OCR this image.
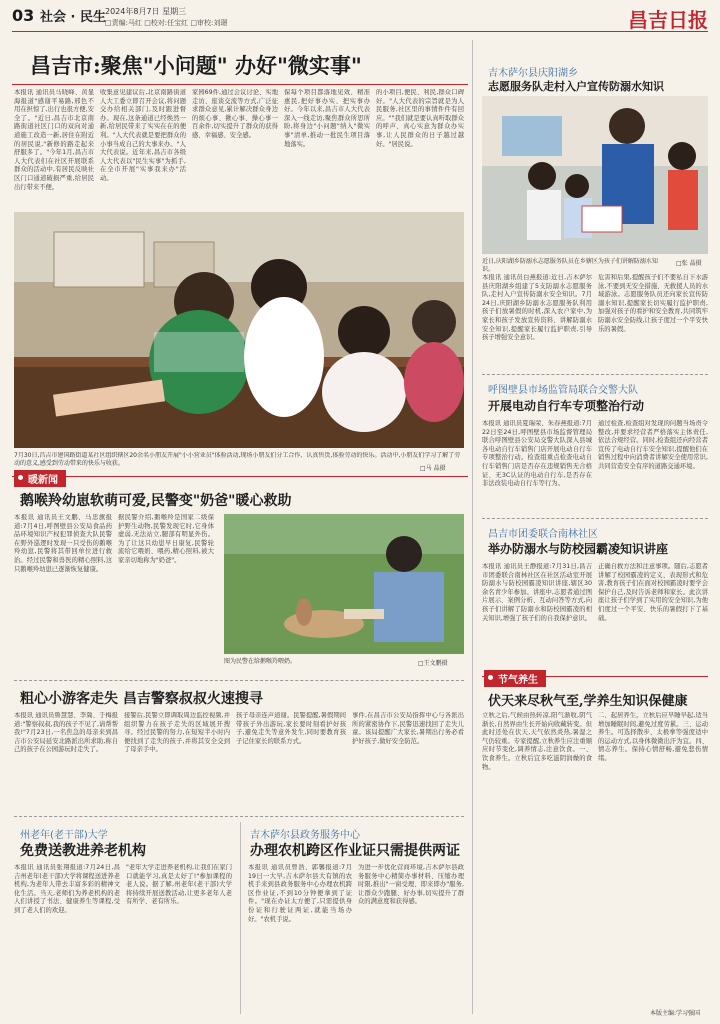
03 社会 · 民生 2024年8月7日 星期三
□责编:马红 □校对:任宝红 □审校:刘璟	昌吉日报
昌吉市:聚焦"小问题" 办好"微实事"
本报讯 通讯员马晓峰、黄显海报道"感谢平易路,邢色不用在担惊了,出行也很方便,安全了。"近日,昌吉市北京南路街道社区门口的双向对通道施工改造一新,居住在附近的居民说,"新修的路走起来舒服多了。"今年1月,昌吉市人大代表们在社区开展联系群众的活动中,有居民反映社区门口通道破损严重,给居民出行带来不便。
收集意见建议后,北京南路街道人大工委立即召开会议,将问题交办给相关部门,及时跟进督办。现在,这条通道已经焕然一新,给居民带来了实实在在的便利。"人大代表就是要把群众的小事当成自己的大事来办。"人大代表说。近年来,昌吉市各级人大代表以"民生实事"为抓手,在全市开展"实事我来办"活动。
家园69件,通过会议讨论、实地走访、座谈交流等方式,广泛征求群众意见,累计解决群众身边的烦心事、揪心事、操心事一百余件,切实提升了群众的获得感、幸福感、安全感。
保每个项目都落地见效、精准惠民,把好事办实、把实事办好。今年以来,昌吉市人大代表深入一线走访,聚焦群众所思所盼,将身边"小问题"纳入"微实事"清单,推动一批民生项目落地落实。
的小项目,便民、利民,群众口碑好。"人大代表的宗旨就是为人民服务,社区里的事情件件有回应。""我们就是要认真听取群众的呼声、真心实意为群众办实事,让人民群众的日子越过越好。"居民说。
7月30日,昌吉市建国路街道某社区组织辖区20余名小朋友开展"小小营业员"体验活动,现场小朋友们分工合作、认真售货,体验劳动的快乐。活动中,小朋友们学习了解了劳动的意义,感受到劳动带来的快乐与收获。
□马 晶摄
吉木萨尔县庆阳湖乡
志愿服务队走村入户宣传防溺水知识
近日,庆阳湖乡防溺水志愿服务队员在乡辖区为孩子们讲解防溺水知识。
□张 晶摄
本报讯 通讯员白燕报道:近日,吉木萨尔县庆阳湖乡组建了5支防溺水志愿服务队,走村入户宣传防溺水安全知识。7月24日,庆阳湖乡防溺水志愿服务队利用孩子们放暑假的时机,深入农户家中,为家长和孩子发放宣传资料、讲解防溺水安全知识,提醒家长履行监护职责,引导孩子增强安全意识。
危害和后果,提醒孩子们不要私自下水游泳,不要到无安全措施、无救援人员的水域游泳。志愿服务队员还向家长宣传防溺水知识,提醒家长切实履行监护职责,加强对孩子的看护和安全教育,共同筑牢防溺水安全防线,让孩子度过一个平安快乐的暑假。
呼图壁县市场监管局联合交警大队
开展电动自行车专项整治行动
本报讯 通讯员夏瑞荣、朱春燕报道:7月22日至24日,呼图壁县市场监督管理局联合呼图壁县公安局交警大队深入县城各电动自行车销售门店开展电动自行车专项整治行动。检查组重点检查电动自行车销售门店是否存在违规销售无合格证、无3C认证的电动自行车,是否存在非法改装电动自行车等行为。
通过检查,检查组对发现的问题当场责令整改,并要求经营者严格落实主体责任,依法合规经营。同时,检查组还向经营者宣传了电动自行车安全知识,提醒他们在销售过程中向消费者讲解安全使用常识,共同营造安全有序的道路交通环境。
昌吉市团委联合南林社区
举办防溺水与防校园霸凌知识讲座
本报讯 通讯员王静报道:7月31日,昌吉市团委联合南林社区在社区活动室开展防溺水与防校园霸凌知识讲座,辖区30余名青少年参加。讲座中,志愿者通过图片展示、案例分析、互动问答等方式,向孩子们讲解了防溺水和防校园霸凌的相关知识,增强了孩子们的自我保护意识。
正确自救方法和注意事项。随后,志愿者讲解了校园霸凌的定义、表现形式和危害,教育孩子们在面对校园霸凌时要学会保护自己,及时告诉老师和家长。此次讲座让孩子们学到了实用的安全知识,为他们度过一个平安、快乐的暑假打下了基础。
暖新闻
鹅喉羚幼崽软萌可爱,民警变"奶爸"暖心救助
本报讯 通讯员王文鹏、马忠旗报道:7月4日,呼图壁县公安局食品药品环境知识产权犯罪侦查大队民警在野外巡逻时发现一只受伤的鹅喉羚幼崽,民警将其带回单位进行救治。经过民警和兽医的精心照料,这只鹅喉羚幼崽已逐渐恢复健康。
据民警介绍,鹅喉羚是国家二级保护野生动物,民警发现它时,它身体虚弱,无法站立,腿部有明显外伤。为了让这只幼崽早日康复,民警轮流给它喂奶、喂药,精心照料,被大家亲切地称为"奶爸"。
图为民警在给鹅喉羚喂奶。	□王文鹏摄
粗心小游客走失 昌吉警察叔叔火速搜寻
本报讯 通讯员鲁慧慧、李冀、于梅报道:"警察叔叔,我的孩子不见了,请帮帮我!"7月23日,一名焦急的母亲来到昌吉市公安局延安北路派出所求助,称自己的孩子在公园游玩时走失了。
接警后,民警立即调取周边监控视频,并组织警力在孩子走失的区域展开搜寻。经过民警的努力,在短短半小时内便找到了走失的孩子,并将其安全交到了母亲手中。
孩子母亲连声道谢。民警提醒,暑假期间带孩子外出游玩,家长要时刻看护好孩子,避免走失等意外发生,同时要教育孩子记住家长的联系方式。
事件,在昌吉市公安局指挥中心与各派出所的紧密协作下,民警迅速找回了走失儿童。该局提醒广大家长,暑期出行务必看护好孩子,做好安全防范。
州老年(老干部)大学
免费送教进养老机构
本报讯 通讯员张翔报道:7月24日,昌吉州老年(老干部)大学将课程送进养老机构,为老年人带去丰富多彩的精神文化生活。当天,老师们为养老机构的老人们讲授了书法、健康养生等课程,受到了老人们的欢迎。
"老年大学走进养老机构,让我们在家门口就能学习,真是太好了!"参加课程的老人说。据了解,州老年(老干部)大学将持续开展送教活动,让更多老年人老有所学、老有所乐。
吉木萨尔县政务服务中心
办理农机跨区作业证只需提供两证
本报讯 通讯员曾浩、郭馨报道:7月19日一大早,吉木萨尔县大有镇的农机手来到县政务服务中心办理农机跨区作业证,不到10分钟便拿到了证件。"现在办证太方便了,只需提供身份证和行驶证两证,就能当场办好。"农机手说。
为进一步优化营商环境,吉木萨尔县政务服务中心精简办事材料、压缩办理时限,推出"一窗受理、即来即办"服务,让群众少跑腿、好办事,切实提升了群众的满意度和获得感。
节气养生
伏天来尽秋气至,学养生知识保健康
立秋之后,气候由热转凉,阳气渐收,阴气渐长,自然界由生长开始向收藏转变。但此时还处在伏天,天气依然炎热,暑湿之气仍较重。专家提醒,立秋养生应注重顺应时节变化,调养情志,注意饮食。一、饮食养生。立秋后宜多吃滋阴润燥的食物。
二、起居养生。立秋后应早睡早起,适当增加睡眠时间,避免过度劳累。三、运动养生。可选择散步、太极拳等强度适中的运动方式,以身体微微出汗为宜。四、情志养生。保持心情舒畅,避免悲伤情绪。
本版主编:学习强国
